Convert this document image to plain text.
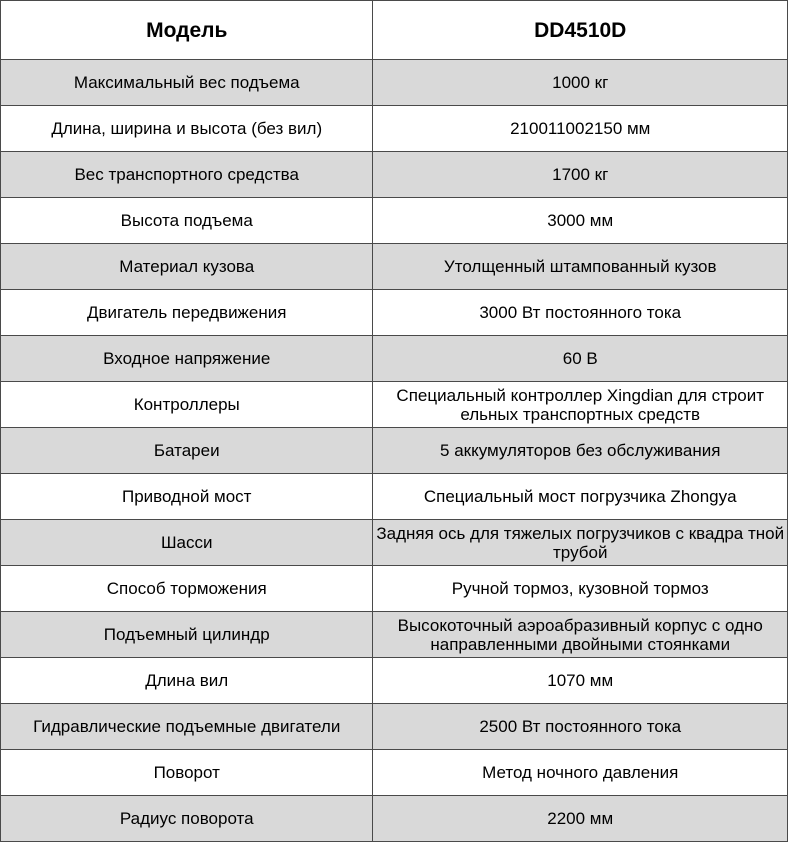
Модель	DD4510D
Максимальный вес подъема	1000 кг
Длина, ширина и высота (без вил)	210011002150 мм
Вес транспортного средства	1700 кг
Высота подъема	3000 мм
Материал кузова	Утолщенный штампованный кузов
Двигатель передвижения	3000 Вт постоянного тока
Входное напряжение	60 В
Контроллеры	Специальный контроллер Xingdian для строит ельных транспортных средств
Батареи	5 аккумуляторов без обслуживания
Приводной мост	Специальный мост погрузчика Zhongya
Шасси	Задняя ось для тяжелых погрузчиков с квадра тной трубой
Способ торможения	Ручной тормоз, кузовной тормоз
Подъемный цилиндр	Высокоточный аэроабразивный корпус с одно направленными двойными стоянками
Длина вил	1070 мм
Гидравлические подъемные двигатели	2500 Вт постоянного тока
Поворот	Метод ночного давления
Радиус поворота	2200 мм
